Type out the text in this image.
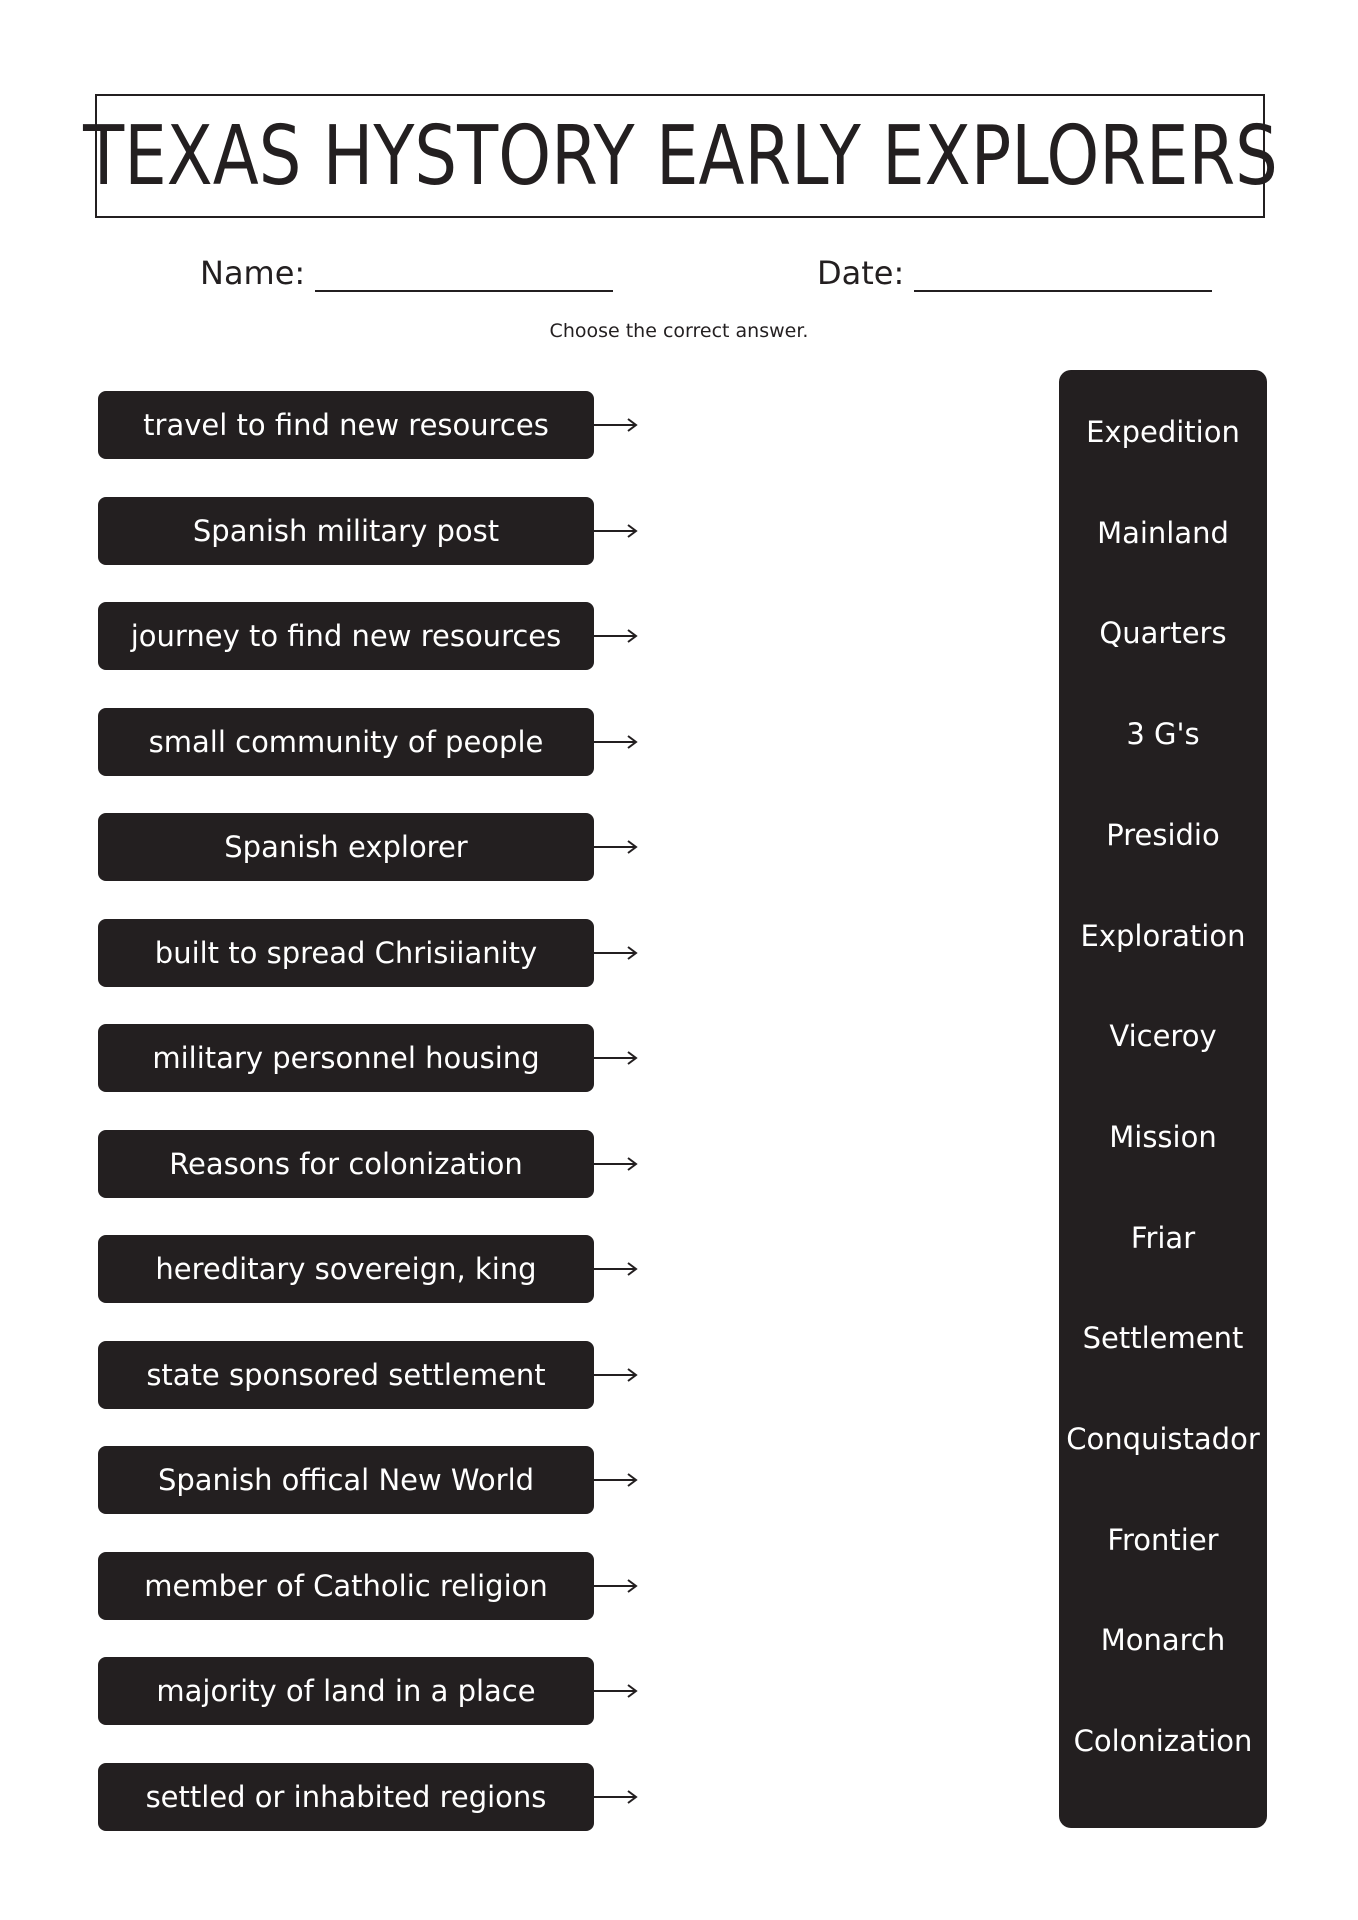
TEXAS HYSTORY EARLY EXPLORERS
Name:	Date:
Choose the correct answer.
travel to find new resources
Spanish military post
journey to find new resources
small community of people
Spanish explorer
built to spread Chrisiianity
military personnel housing
Reasons for colonization
hereditary sovereign, king
state sponsored settlement
Spanish offical New World
member of Catholic religion
majority of land in a place
settled or inhabited regions
Expedition
Mainland
Quarters
3 G's
Presidio
Exploration
Viceroy
Mission
Friar
Settlement
Conquistador
Frontier
Monarch
Colonization
